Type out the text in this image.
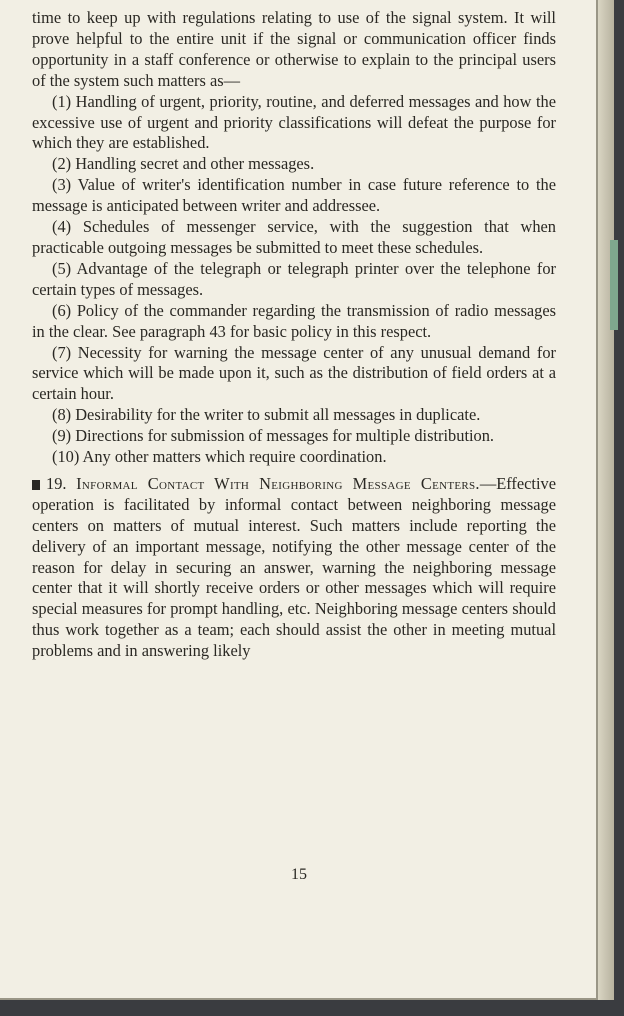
time to keep up with regulations relating to use of the signal system. It will prove helpful to the entire unit if the signal or communication officer finds opportunity in a staff conference or otherwise to explain to the principal users of the system such matters as—

(1) Handling of urgent, priority, routine, and deferred messages and how the excessive use of urgent and priority classifications will defeat the purpose for which they are established.

(2) Handling secret and other messages.

(3) Value of writer's identification number in case future reference to the message is anticipated between writer and addressee.

(4) Schedules of messenger service, with the suggestion that when practicable outgoing messages be submitted to meet these schedules.

(5) Advantage of the telegraph or telegraph printer over the telephone for certain types of messages.

(6) Policy of the commander regarding the transmission of radio messages in the clear. See paragraph 43 for basic policy in this respect.

(7) Necessity for warning the message center of any unusual demand for service which will be made upon it, such as the distribution of field orders at a certain hour.

(8) Desirability for the writer to submit all messages in duplicate.

(9) Directions for submission of messages for multiple distribution.

(10) Any other matters which require coordination.

19. Informal Contact With Neighboring Message Centers.—Effective operation is facilitated by informal contact between neighboring message centers on matters of mutual interest. Such matters include reporting the delivery of an important message, notifying the other message center of the reason for delay in securing an answer, warning the neighboring message center that it will shortly receive orders or other messages which will require special measures for prompt handling, etc. Neighboring message centers should thus work together as a team; each should assist the other in meeting mutual problems and in answering likely

15
